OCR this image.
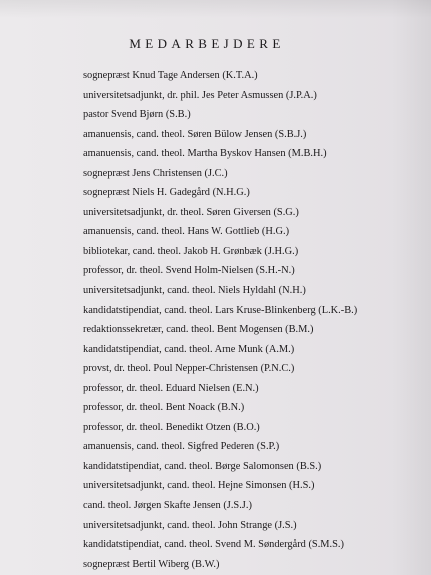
MEDARBEJDERE
sognepræst Knud Tage Andersen (K.T.A.)
universitetsadjunkt, dr. phil. Jes Peter Asmussen (J.P.A.)
pastor Svend Bjørn (S.B.)
amanuensis, cand. theol. Søren Bülow Jensen (S.B.J.)
amanuensis, cand. theol. Martha Byskov Hansen (M.B.H.)
sognepræst Jens Christensen (J.C.)
sognepræst Niels H. Gadegård (N.H.G.)
universitetsadjunkt, dr. theol. Søren Giversen (S.G.)
amanuensis, cand. theol. Hans W. Gottlieb (H.G.)
bibliotekar, cand. theol. Jakob H. Grønbæk (J.H.G.)
professor, dr. theol. Svend Holm-Nielsen (S.H.-N.)
universitetsadjunkt, cand. theol. Niels Hyldahl (N.H.)
kandidatstipendiat, cand. theol. Lars Kruse-Blinkenberg (L.K.-B.)
redaktionssekretær, cand. theol. Bent Mogensen (B.M.)
kandidatstipendiat, cand. theol. Arne Munk (A.M.)
provst, dr. theol. Poul Nepper-Christensen (P.N.C.)
professor, dr. theol. Eduard Nielsen (E.N.)
professor, dr. theol. Bent Noack (B.N.)
professor, dr. theol. Benedikt Otzen (B.O.)
amanuensis, cand. theol. Sigfred Pederen (S.P.)
kandidatstipendiat, cand. theol. Børge Salomonsen (B.S.)
universitetsadjunkt, cand. theol. Hejne Simonsen (H.S.)
cand. theol. Jørgen Skafte Jensen (J.S.J.)
universitetsadjunkt, cand. theol. John Strange (J.S.)
kandidatstipendiat, cand. theol. Svend M. Søndergård (S.M.S.)
sognepræst Bertil Wiberg (B.W.)
